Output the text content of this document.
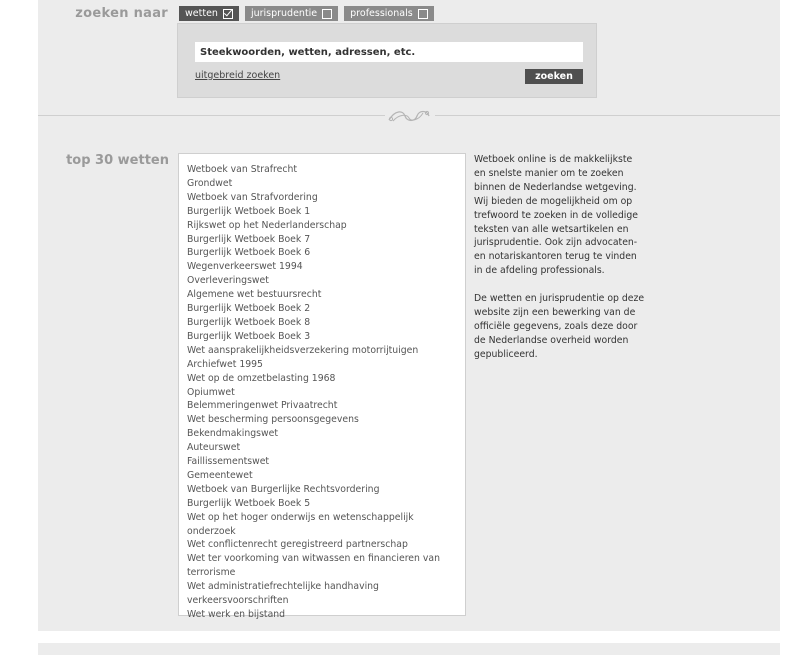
zoeken naar wetten	jurisprudentie	professionals
Steekwoorden, wetten, adressen, etc.
uitgebreid zoeken	zoeken
top 30 wetten
Wetboek van Strafrecht
Grondwet
Wetboek van Strafvordering
Burgerlijk Wetboek Boek 1
Rijkswet op het Nederlanderschap
Burgerlijk Wetboek Boek 7
Burgerlijk Wetboek Boek 6
Wegenverkeerswet 1994
Overleveringswet
Algemene wet bestuursrecht
Burgerlijk Wetboek Boek 2
Burgerlijk Wetboek Boek 8
Burgerlijk Wetboek Boek 3
Wet aansprakelijkheidsverzekering motorrijtuigen
Archiefwet 1995
Wet op de omzetbelasting 1968
Opiumwet
Belemmeringenwet Privaatrecht
Wet bescherming persoonsgegevens
Bekendmakingswet
Auteurswet
Faillissementswet
Gemeentewet
Wetboek van Burgerlijke Rechtsvordering
Burgerlijk Wetboek Boek 5
Wet op het hoger onderwijs en wetenschappelijk onderzoek
Wet conflictenrecht geregistreerd partnerschap
Wet ter voorkoming van witwassen en financieren van terrorisme
Wet administratiefrechtelijke handhaving verkeersvoorschriften
Wet werk en bijstand

Wetboek online is de makkelijkste en snelste manier om te zoeken binnen de Nederlandse wetgeving. Wij bieden de mogelijkheid om op trefwoord te zoeken in de volledige teksten van alle wetsartikelen en jurisprudentie. Ook zijn advocaten- en notariskantoren terug te vinden in de afdeling professionals.

De wetten en jurisprudentie op deze website zijn een bewerking van de officiële gegevens, zoals deze door de Nederlandse overheid worden gepubliceerd.
